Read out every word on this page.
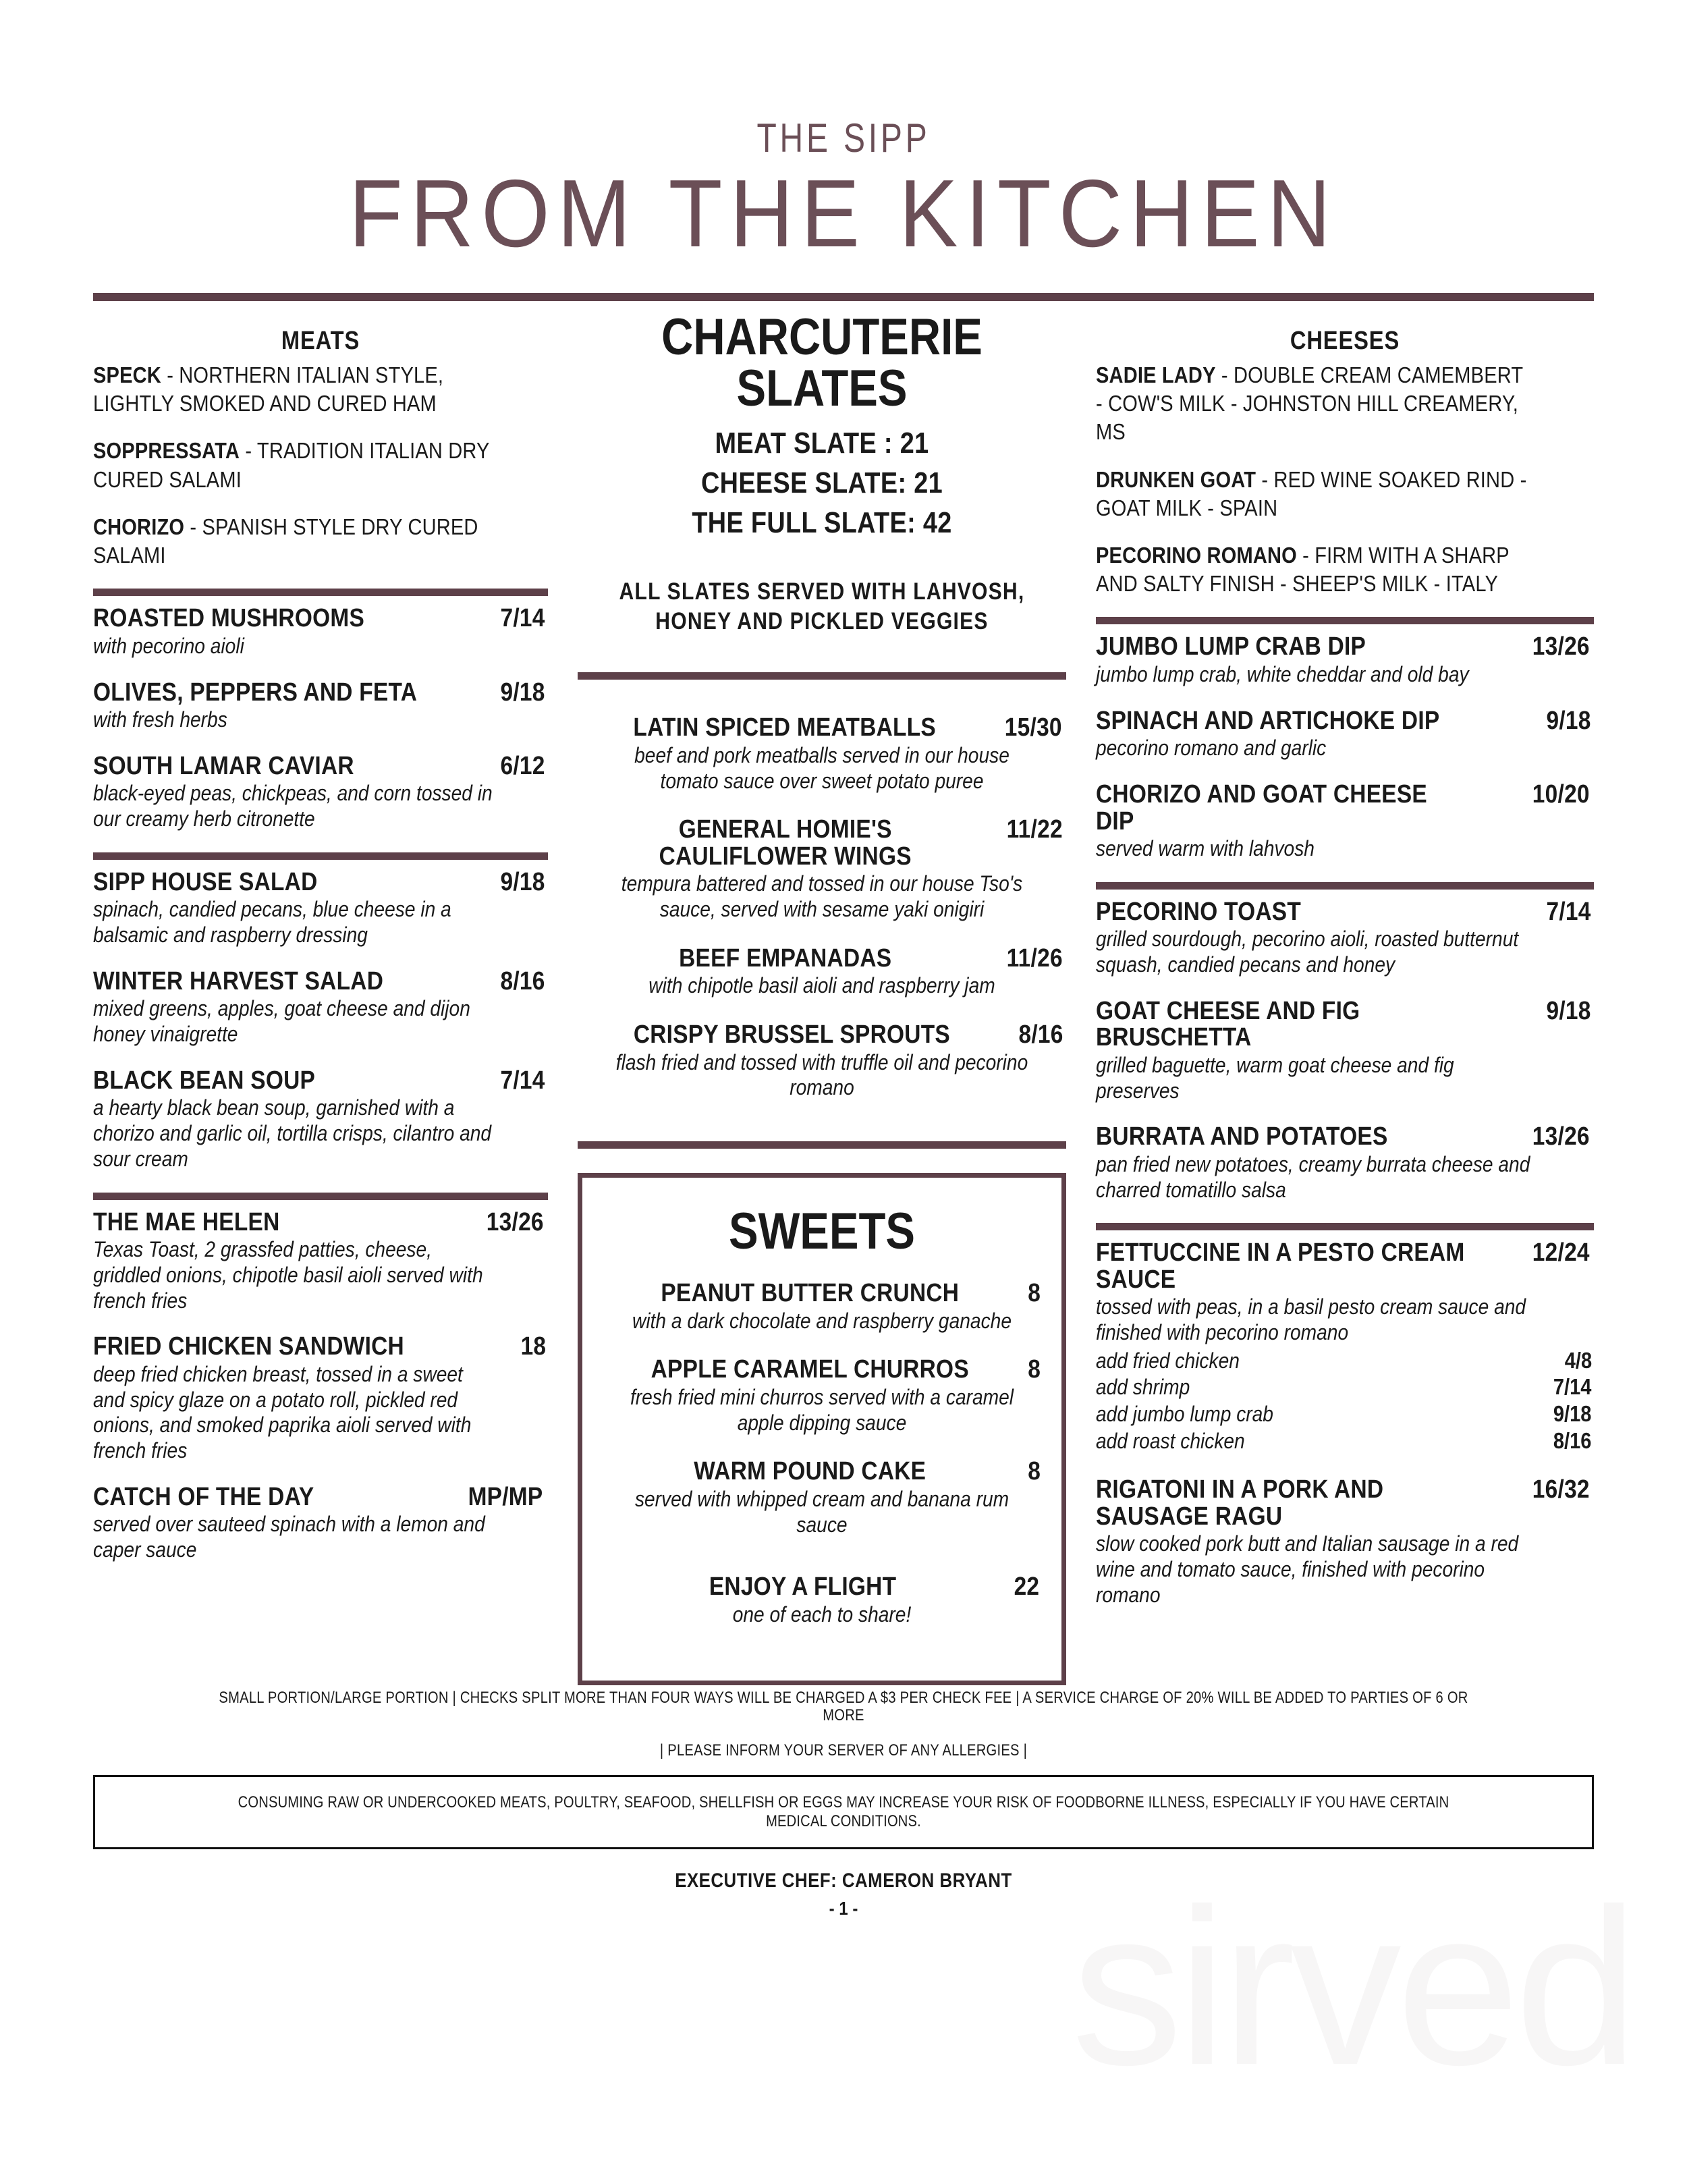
sirved
THE SIPP
FROM THE KITCHEN
MEATS
SPECK - NORTHERN ITALIAN STYLE, LIGHTLY SMOKED AND CURED HAM
SOPPRESSATA - TRADITION ITALIAN DRY CURED SALAMI
CHORIZO - SPANISH STYLE DRY CURED SALAMI
ROASTED MUSHROOMS	7/14
with pecorino aioli
OLIVES, PEPPERS AND FETA	9/18
with fresh herbs
SOUTH LAMAR CAVIAR	6/12
black-eyed peas, chickpeas, and corn tossed in our creamy herb citronette
SIPP HOUSE SALAD	9/18
spinach, candied pecans, blue cheese in a balsamic and raspberry dressing
WINTER HARVEST SALAD	8/16
mixed greens, apples, goat cheese and dijon honey vinaigrette
BLACK BEAN SOUP	7/14
a hearty black bean soup, garnished with a chorizo and garlic oil, tortilla crisps, cilantro and sour cream
THE MAE HELEN	13/26
Texas Toast, 2 grassfed patties, cheese, griddled onions, chipotle basil aioli served with french fries
FRIED CHICKEN SANDWICH	18
deep fried chicken breast, tossed in a sweet and spicy glaze on a potato roll, pickled red onions, and smoked paprika aioli served with french fries
CATCH OF THE DAY	MP/MP
served over sauteed spinach with a lemon and caper sauce
CHARCUTERIE SLATES
MEAT SLATE : 21
CHEESE SLATE: 21
THE FULL SLATE: 42
ALL SLATES SERVED WITH LAHVOSH,
HONEY AND PICKLED VEGGIES
LATIN SPICED MEATBALLS	15/30
beef and pork meatballs served in our house tomato sauce over sweet potato puree
GENERAL HOMIE'S CAULIFLOWER WINGS
11/22
tempura battered and tossed in our house Tso's sauce, served with sesame yaki onigiri
BEEF EMPANADAS	11/26
with chipotle basil aioli and raspberry jam
CRISPY BRUSSEL SPROUTS	8/16
flash fried and tossed with truffle oil and pecorino romano
SWEETS
PEANUT BUTTER CRUNCH	8
with a dark chocolate and raspberry ganache
APPLE CARAMEL CHURROS	8
fresh fried mini churros served with a caramel apple dipping sauce
WARM POUND CAKE	8
served with whipped cream and banana rum sauce
ENJOY A FLIGHT	22
one of each to share!
CHEESES
SADIE LADY - DOUBLE CREAM CAMEMBERT - COW'S MILK - JOHNSTON HILL CREAMERY, MS
DRUNKEN GOAT - RED WINE SOAKED RIND - GOAT MILK - SPAIN
PECORINO ROMANO - FIRM WITH A SHARP AND SALTY FINISH - SHEEP'S MILK - ITALY
JUMBO LUMP CRAB DIP	13/26
jumbo lump crab, white cheddar and old bay
SPINACH AND ARTICHOKE DIP	9/18
pecorino romano and garlic
CHORIZO AND GOAT CHEESE DIP
10/20
served warm with lahvosh
PECORINO TOAST	7/14
grilled sourdough, pecorino aioli, roasted butternut squash, candied pecans and honey
GOAT CHEESE AND FIG BRUSCHETTA
9/18
grilled baguette, warm goat cheese and fig preserves
BURRATA AND POTATOES	13/26
pan fried new potatoes, creamy burrata cheese and charred tomatillo salsa
FETTUCCINE IN A PESTO CREAM SAUCE
12/24
tossed with peas, in a basil pesto cream sauce and finished with pecorino romano
add fried chicken	4/8
add shrimp	7/14
add jumbo lump crab	9/18
add roast chicken	8/16
RIGATONI IN A PORK AND SAUSAGE RAGU
16/32
slow cooked pork butt and Italian sausage in a red wine and tomato sauce, finished with pecorino romano
SMALL PORTION/LARGE PORTION | CHECKS SPLIT MORE THAN FOUR WAYS WILL BE CHARGED A $3 PER CHECK FEE | A SERVICE CHARGE OF 20% WILL BE ADDED TO PARTIES OF 6 OR MORE
| PLEASE INFORM YOUR SERVER OF ANY ALLERGIES |
CONSUMING RAW OR UNDERCOOKED MEATS, POULTRY, SEAFOOD, SHELLFISH OR EGGS MAY INCREASE YOUR RISK OF FOODBORNE ILLNESS, ESPECIALLY IF YOU HAVE CERTAIN MEDICAL CONDITIONS.
EXECUTIVE CHEF: CAMERON BRYANT
- 1 -
